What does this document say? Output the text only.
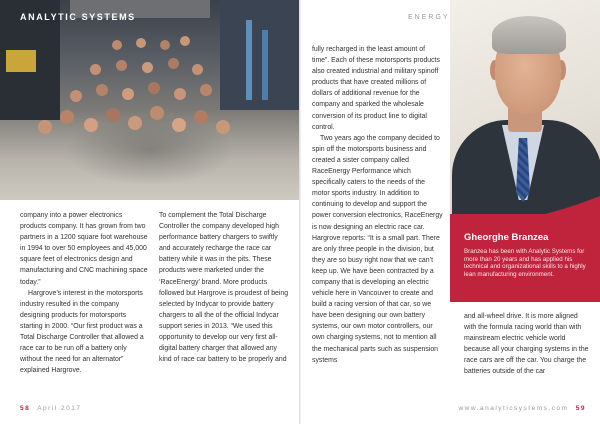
ANALYTIC SYSTEMS	ENERGY
Gheorghe Branzea
Branzea has been with Analytic Systems for more than 20 years and has applied his technical and organizational skills to a highly lean manufacturing environment.

company into a power electronics products company. It has grown from two partners in a 1200 square foot warehouse in 1994 to over 50 employees and 45,000 square feet of electronics design and manufacturing and CNC machining space today.”

Hargrove’s interest in the motorsports industry resulted in the company designing products for motorsports starting in 2000. “Our first product was a Total Discharge Controller that allowed a race car to be run off a battery only without the need for an alternator” explained Hargrove.

To complement the Total Discharge Controller the company developed high performance battery chargers to swiftly and accurately recharge the race car battery while it was in the pits. These products were marketed under the ‘RaceEnergy’ brand. More products followed but Hargrove is proudest of being selected by Indycar to provide battery chargers to all the of the official Indycar support series in 2013. “We used this opportunity to develop our very first all-digital battery charger that allowed any kind of race car battery to be properly and

fully recharged in the least amount of time”. Each of these motorsports products also created industrial and military spinoff products that have created millions of dollars of additional revenue for the company and sparked the wholesale conversion of its product line to digital control.

Two years ago the company decided to spin off the motorsports business and created a sister company called RaceEnergy Performance which specifically caters to the needs of the motor sports industry. In addition to continuing to develop and support the power conversion electronics, RaceEnergy is now designing an electric race car. Hargrove reports: “It is a small part. There are only three people in the division, but they are so busy right now that we can’t keep up. We have been contracted by a company that is developing an electric vehicle here in Vancouver to create and build a racing version of that car, so we have been designing our own battery systems, our own motor controllers, our own charging systems, not to mention all the mechanical parts such as suspension systems

and all-wheel drive. It is more aligned with the formula racing world than with mainstream electric vehicle world because all your charging systems in the race cars are off the car. You charge the batteries outside of the car

58 April 2017	www.analyticsystems.com 59
